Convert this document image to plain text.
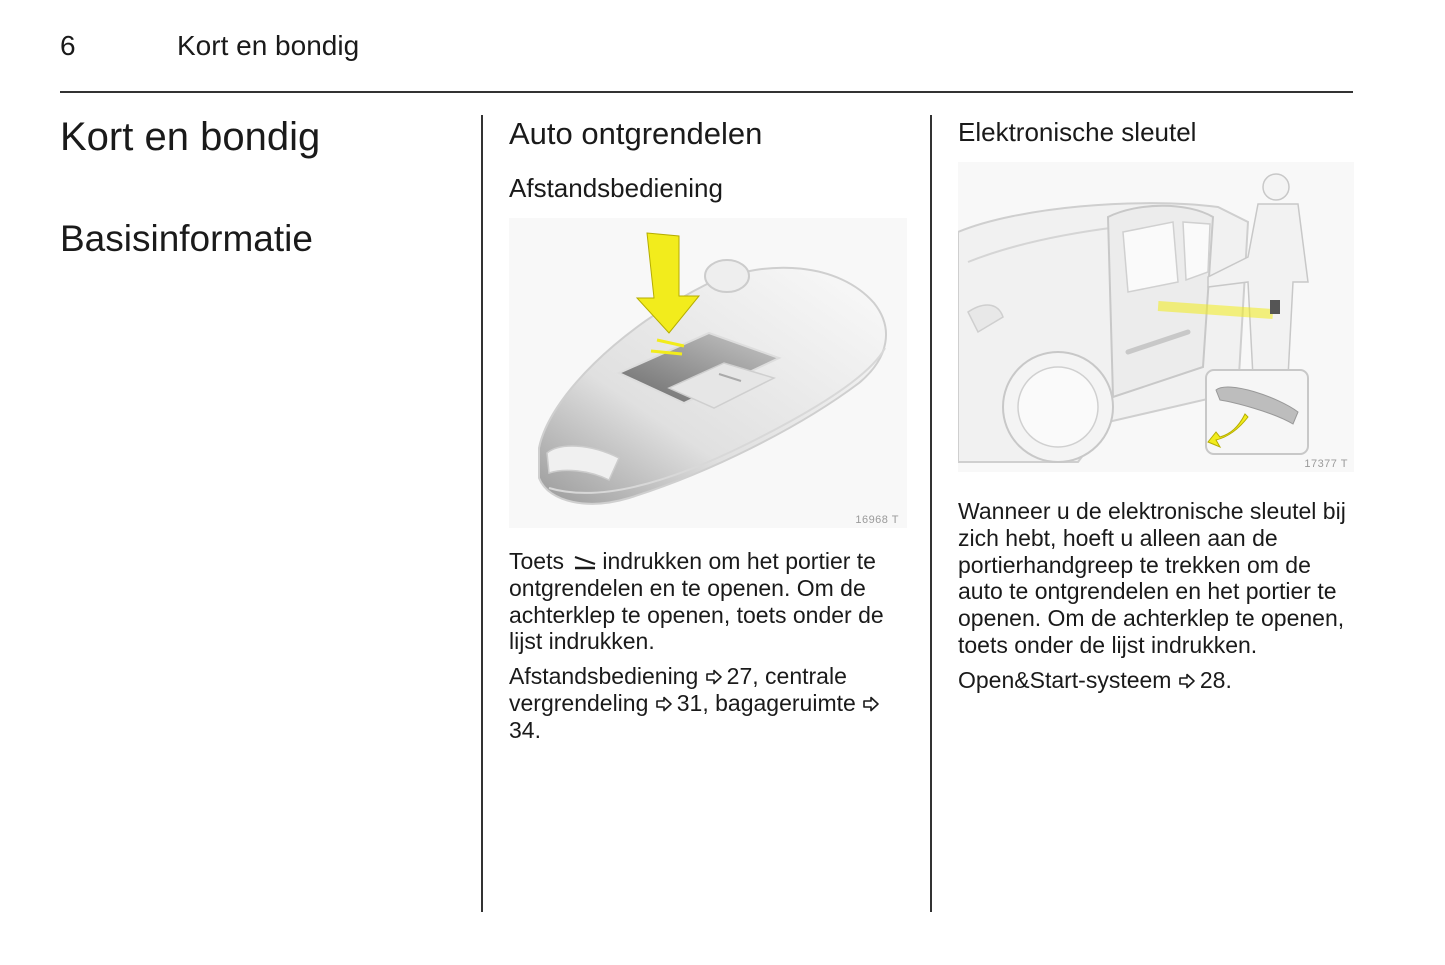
6	Kort en bondig
Kort en bondig
Basisinformatie
Auto ontgrendelen
Afstandsbediening
16968 T

Toets indrukken om het portier te ontgrendelen en te openen. Om de achterklep te openen, toets onder de lijst indrukken.

Afstandsbediening 27, centrale vergrendeling 31, bagageruimte 34.

Elektronische sleutel
17377 T

Wanneer u de elektronische sleutel bij zich hebt, hoeft u alleen aan de portierhandgreep te trekken om de auto te ontgrendelen en het portier te openen. Om de achterklep te openen, toets onder de lijst indrukken.

Open&Start-systeem 28.
